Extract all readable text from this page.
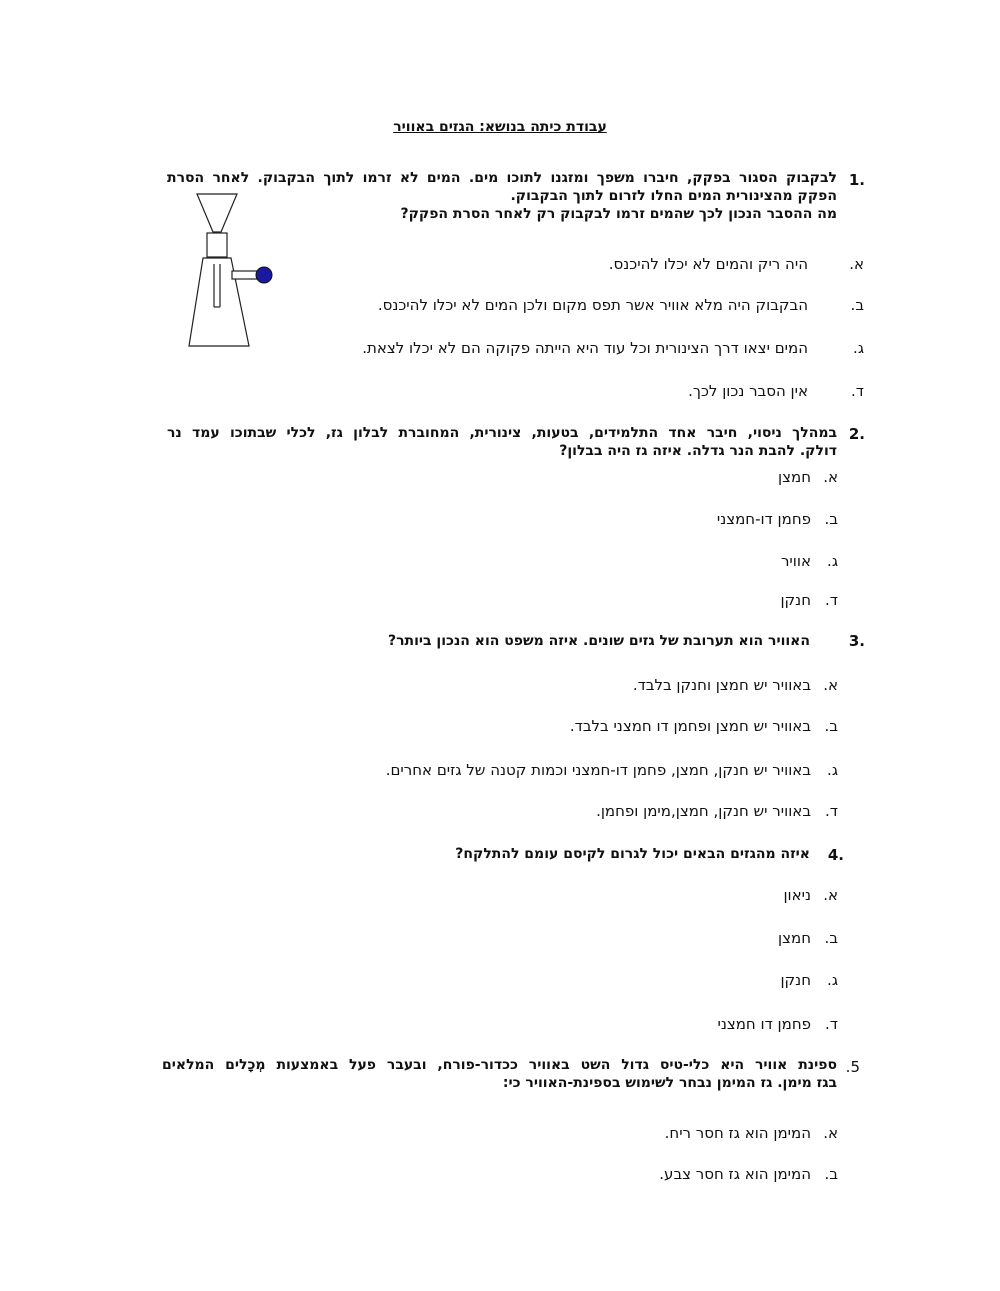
עבודת כיתה בנושא: הגזים באוויר
.1
לבקבוק הסגור בפקק, חיברו משפך ומזגנו לתוכו מים. המים לא זרמו לתוך הבקבוק. לאחר הסרת
הפקק מהצינורית המים החלו לזרום לתוך הבקבוק.
מה ההסבר הנכון לכך שהמים זרמו לבקבוק רק לאחר הסרת הפקק?
א.
היה ריק והמים לא יכלו להיכנס.
ב.
הבקבוק היה מלא אוויר אשר תפס מקום ולכן המים לא יכלו להיכנס.
ג.
המים יצאו דרך הצינורית וכל עוד היא הייתה פקוקה הם לא יכלו לצאת.
ד.
אין הסבר נכון לכך.
.2
במהלך ניסוי, חיבר אחד התלמידים, בטעות, צינורית, המחוברת לבלון גז, לכלי שבתוכו עמד נר
דולק. להבת הנר גדלה. איזה גז היה בבלון?
א.
חמצן
ב.
פחמן דו-חמצני
ג.
אוויר
ד.
חנקן
.3
האוויר הוא תערובת של גזים שונים. איזה משפט הוא הנכון ביותר?
א.
באוויר יש חמצן וחנקן בלבד.
ב.
באוויר יש חמצן ופחמן דו חמצני בלבד.
ג.
באוויר יש חנקן, חמצן, פחמן דו-חמצני וכמות קטנה של גזים אחרים.
ד.
באוויר יש חנקן, חמצן,מימן ופחמן.
.4
איזה מהגזים הבאים יכול לגרום לקיסם עומם להתלקח?
א.
ניאון
ב.
חמצן
ג.
חנקן
ד.
פחמן דו חמצני
5.
ספינת אוויר היא כלי-טיס גדול השט באוויר ככדור-פורח, ובעבר פעל באמצעות מְכָלים המלאים
בגז מימן. גז המימן נבחר לשימוש בספינת-האוויר כי:
א.
המימן הוא גז חסר ריח.
ב.
המימן הוא גז חסר צבע.
